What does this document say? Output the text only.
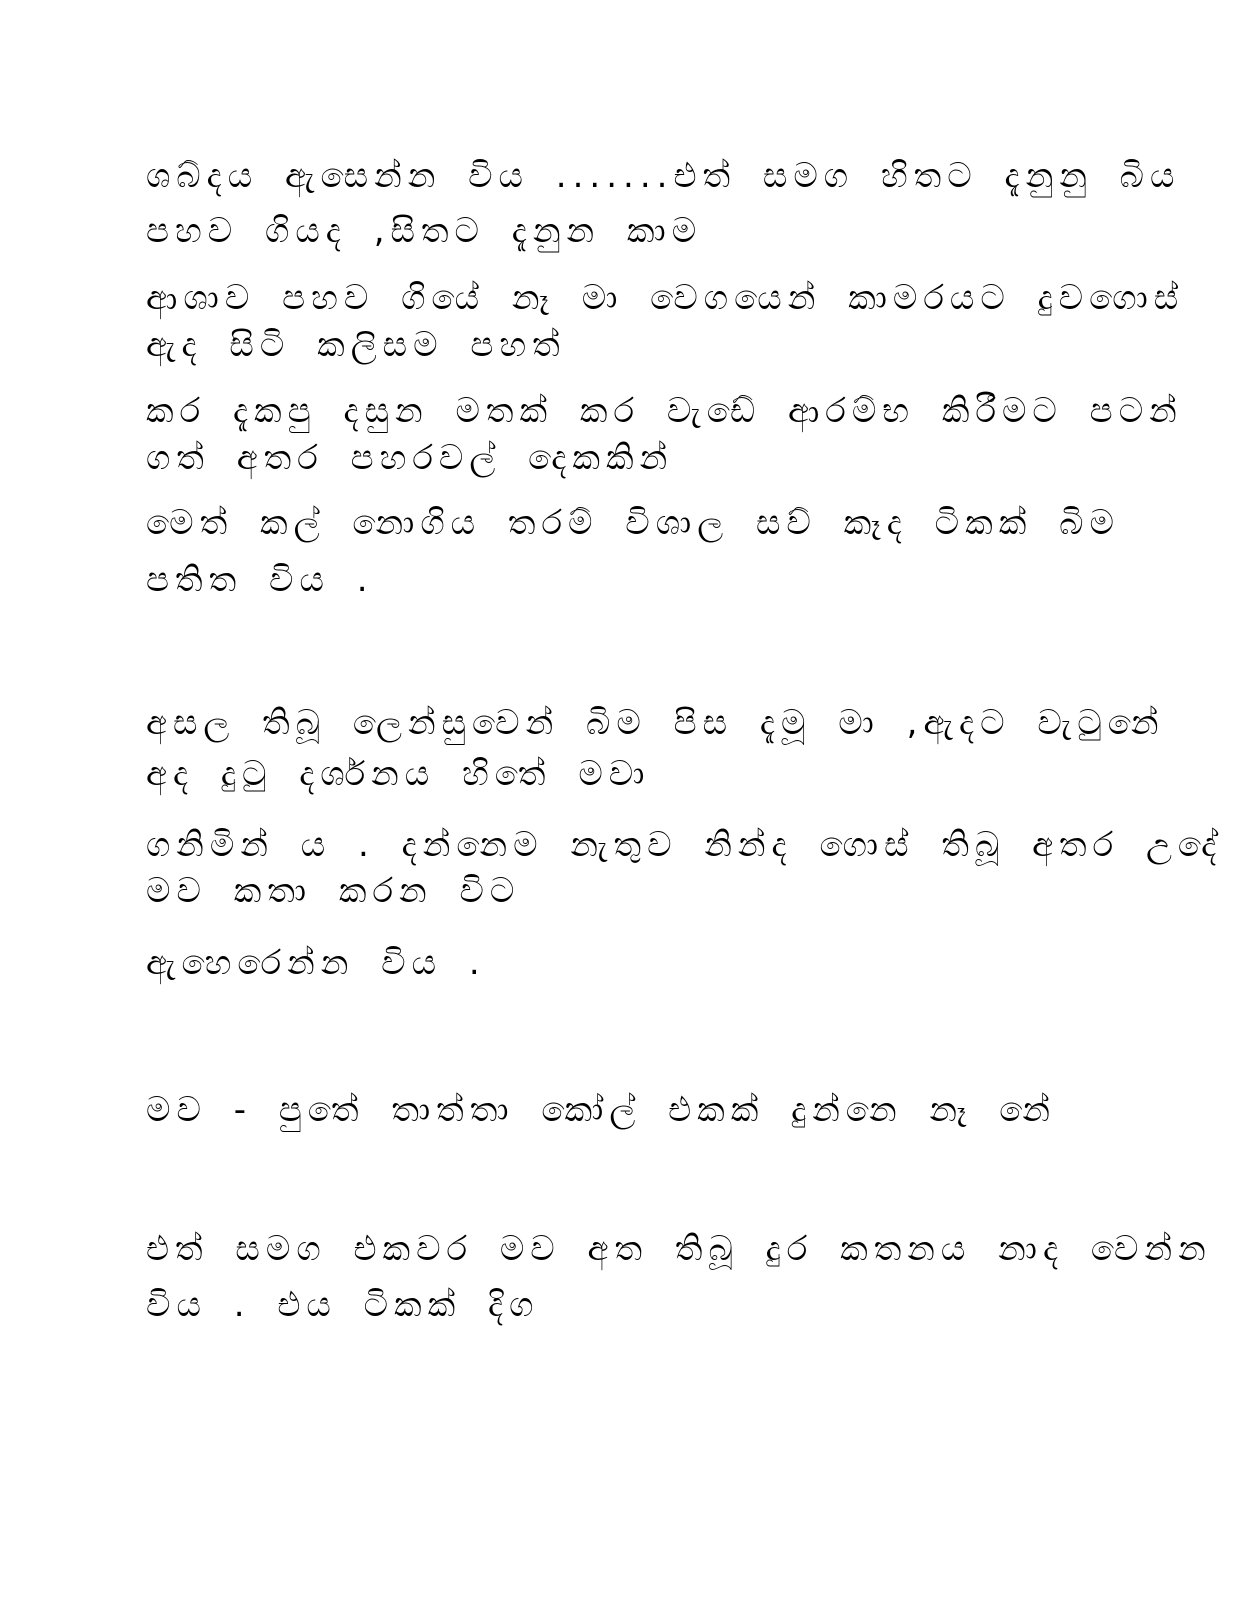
ශබ්දය ඇසෙන්න විය .......එත් සමග හිතට දැනුනු බිය
පහව ගියද ,සිතට දැනුන කාම
ආශාව පහව ගියේ නෑ මා වෙගයෙන් කාමරයට දුවගොස්
ඇද සිටි කලිසම පහත්
කර දැකපු දසුන මතක් කර වැඩේ ආරම්භ කිරීමට පටන්
ගත් අතර පහරවල් දෙකකින්
මෙත් කල් නොගිය තරම් විශාල සව් කෑද ටිකක් බිම
පතිත විය .
අසල තිබූ ලෙන්සුවෙන් බිම පිස දැමූ මා ,ඇදට වැටුනේ
අද දුටු දර්ශනය හිතේ මවා
ගනිමින් ය . දන්නෙම නැතුව නින්ද ගොස් තිබූ අතර උදේ
මව කතා කරන විට
ඇහෙරෙන්න විය .
මව - පුතේ තාත්තා කෝල් එකක් දුන්නෙ නෑ නේ
එත් සමග එකවර මව අත තිබූ දුර කතනය නාද වෙන්න
විය . එය ටිකක් දිග
